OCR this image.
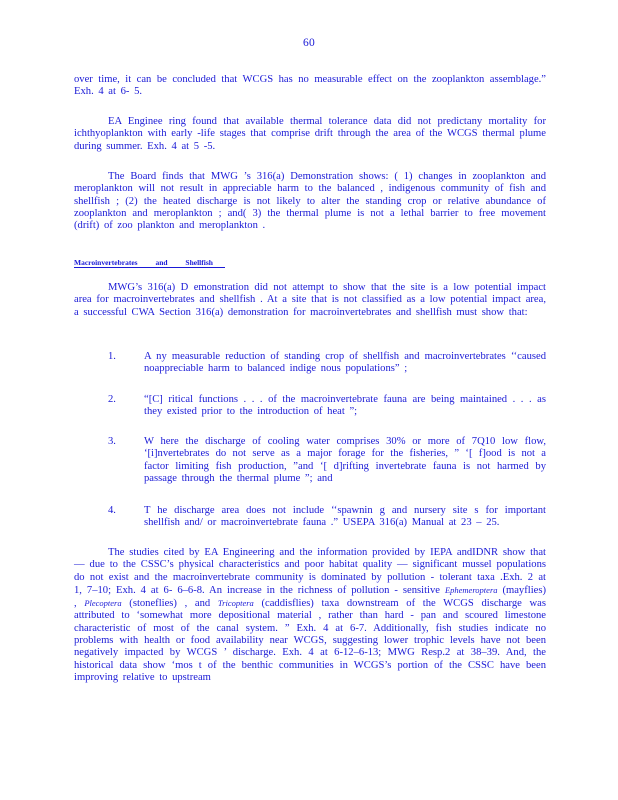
60

over time, it can be concluded that WCGS has no measurable effect on the zooplankton assemblage.” Exh. 4 at 6- 5.

EA Enginee ring found that available thermal tolerance data did not predictany mortality for ichthyoplankton with early -life stages that comprise drift through the area of the WCGS thermal plume during summer. Exh. 4 at 5 -5.

The Board finds that MWG ’s 316(a) Demonstration shows: ( 1) changes in zooplankton and meroplankton will not result in appreciable harm to the balanced , indigenous community of fish and shellfish ; (2) the heated discharge is not likely to alter the standing crop or relative abundance of zooplankton and meroplankton ; and( 3) the thermal plume is not a lethal barrier to free movement (drift) of zoo plankton and meroplankton .

Macroinvertebrates and Shellfish

MWG’s 316(a) D emonstration did not attempt to show that the site is a low potential impact area for macroinvertebrates and shellfish . At a site that is not classified as a low potential impact area, a successful CWA Section 316(a) demonstration for macroinvertebrates and shellfish must show that:

1.	A ny measurable reduction of standing crop of shellfish and macroinvertebrates ‘‘caused noappreciable harm to balanced indige nous populations” ;
2.	“[C] ritical functions . . . of the macroinvertebrate fauna are being maintained . . . as they existed prior to the introduction of heat ”;
3.	W here the discharge of cooling water comprises 30% or more of 7Q10 low flow, ‘[i]nvertebrates do not serve as a major forage for the fisheries, ” ‘[ f]ood is not a factor limiting fish production, ”and ‘[ d]rifting invertebrate fauna is not harmed by passage through the thermal plume ”; and
4.	T he discharge area does not include ‘‘spawnin g and nursery site s for important shellfish and/ or macroinvertebrate fauna .” USEPA 316(a) Manual at 23 – 25.

The studies cited by EA Engineering and the information provided by IEPA andIDNR show that — due to the CSSC’s physical characteristics and poor habitat quality — significant mussel populations do not exist and the macroinvertebrate community is dominated by pollution - tolerant taxa .Exh. 2 at 1, 7–10; Exh. 4 at 6- 6–6-8. An increase in the richness of pollution - sensitive Ephemeroptera (mayflies) , Plecoptera (stoneflies) , and Tricoptera (caddisflies) taxa downstream of the WCGS discharge was attributed to ‘somewhat more depositional material , rather than hard - pan and scoured limestone characteristic of most of the canal system. ” Exh. 4 at 6-7. Additionally, fish studies indicate no problems with health or food availability near WCGS, suggesting lower trophic levels have not been negatively impacted by WCGS ’ discharge. Exh. 4 at 6-12–6-13; MWG Resp.2 at 38–39. And, the historical data show ‘mos t of the benthic communities in WCGS’s portion of the CSSC have been improving relative to upstream
